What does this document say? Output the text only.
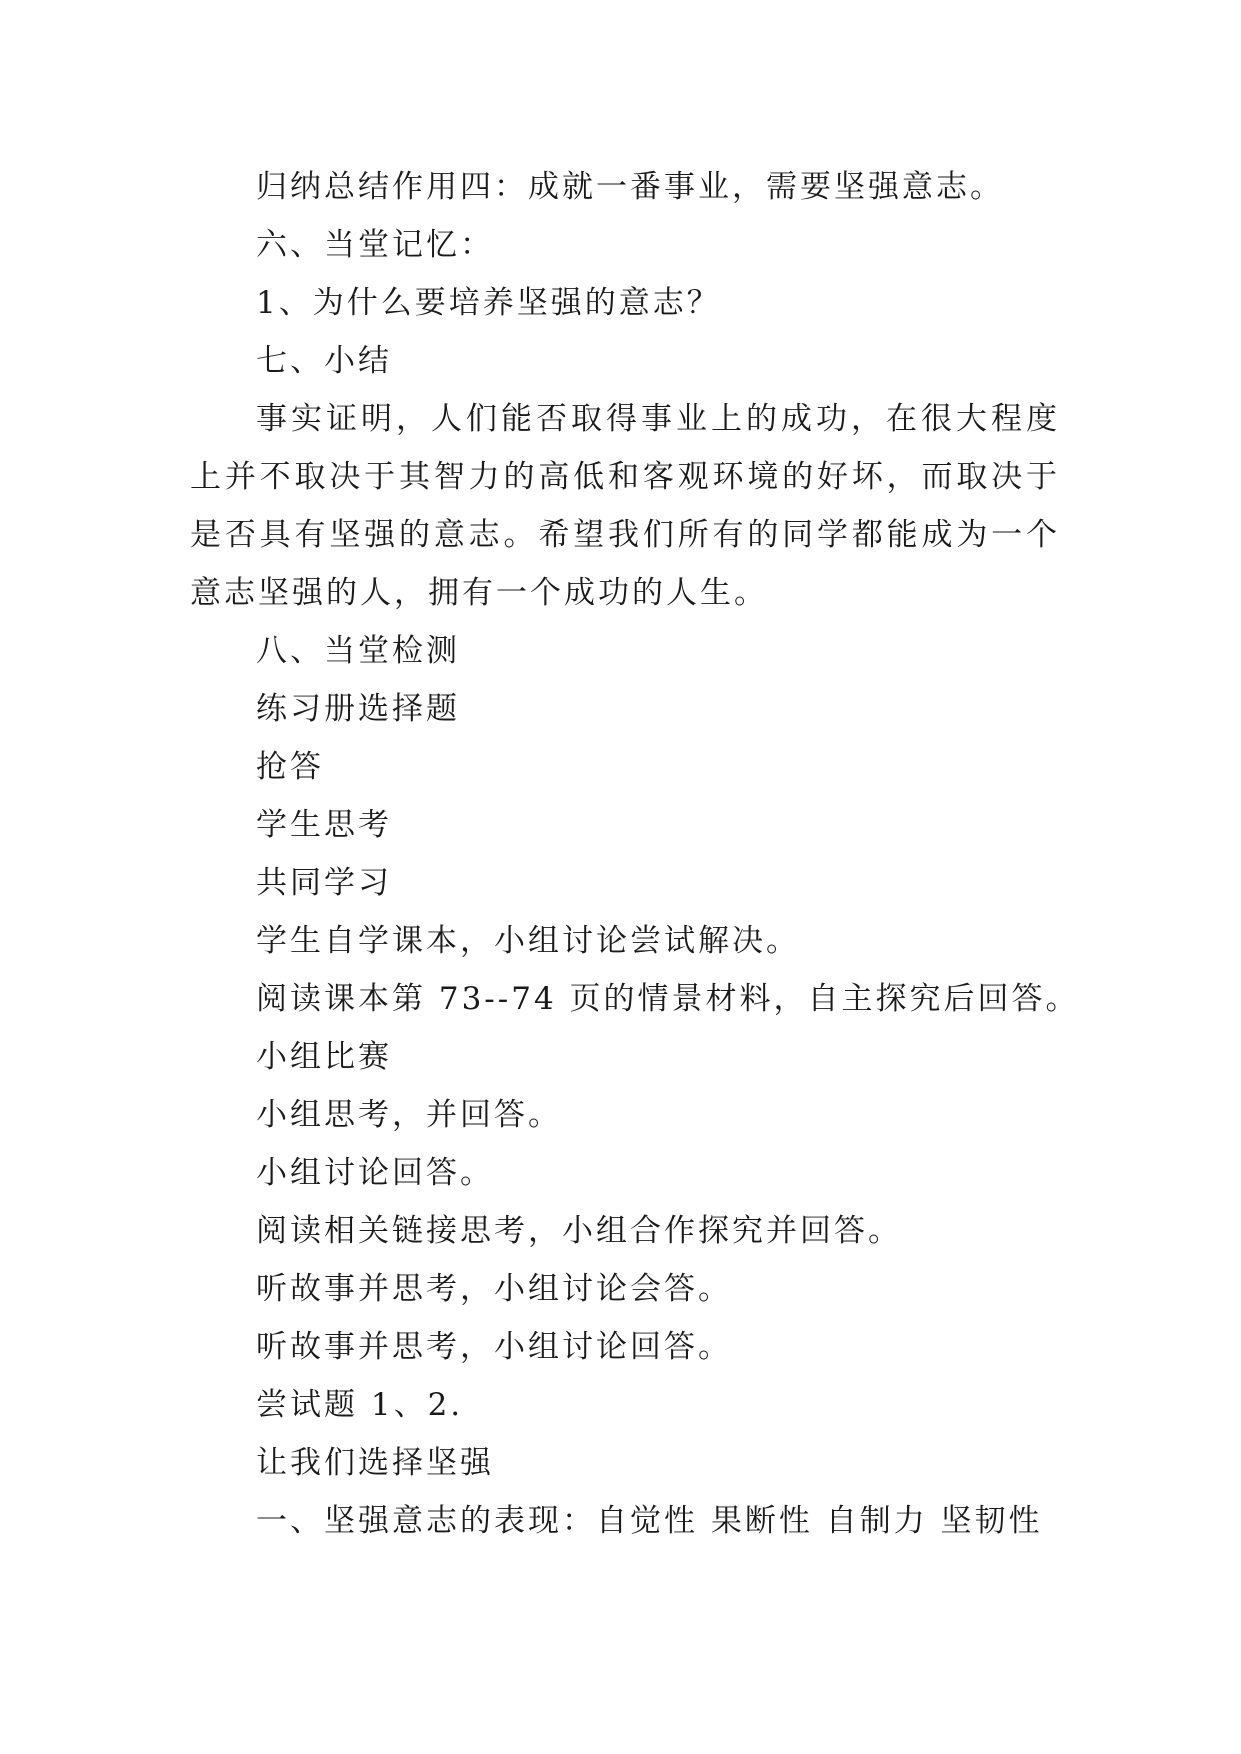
归纳总结作用四：成就一番事业，需要坚强意志。
六、当堂记忆：
1、为什么要培养坚强的意志？
七、小结

事实证明，人们能否取得事业上的成功，在很大程度上并不取决于其智力的高低和客观环境的好坏，而取决于是否具有坚强的意志。希望我们所有的同学都能成为一个意志坚强的人，拥有一个成功的人生。

八、当堂检测
练习册选择题
抢答
学生思考
共同学习
学生自学课本，小组讨论尝试解决。
阅读课本第 73--74 页的情景材料，自主探究后回答。
小组比赛
小组思考，并回答。
小组讨论回答。
阅读相关链接思考，小组合作探究并回答。
听故事并思考，小组讨论会答。
听故事并思考，小组讨论回答。
尝试题 1、2.
让我们选择坚强
一、坚强意志的表现：自觉性 果断性 自制力 坚韧性
